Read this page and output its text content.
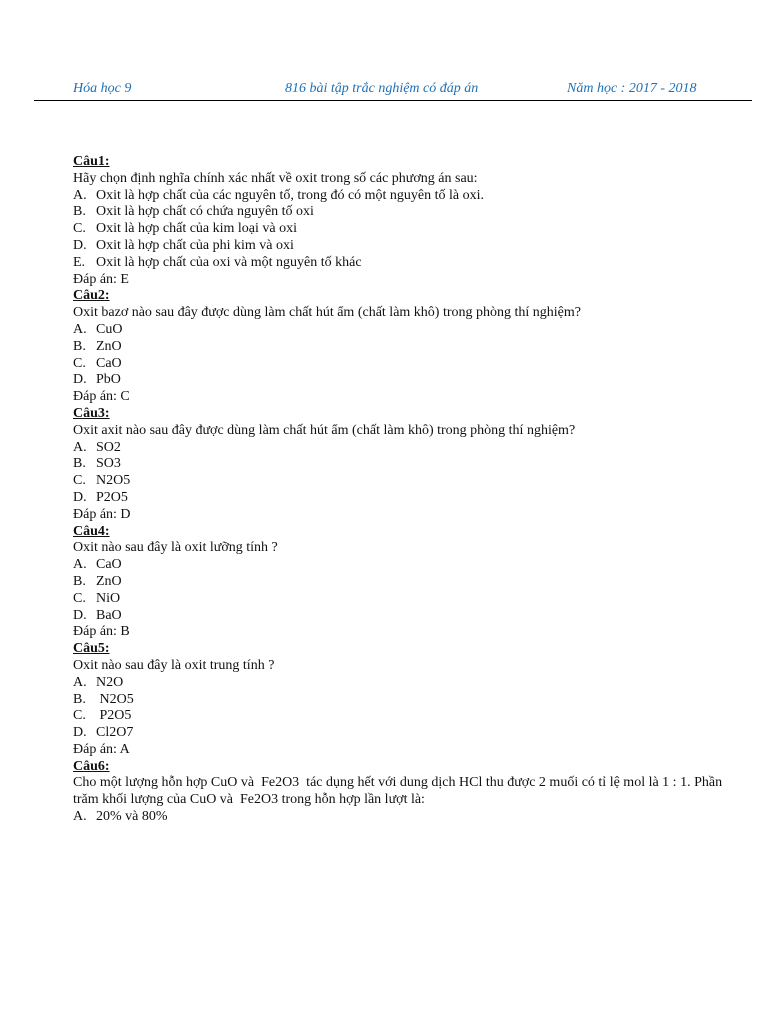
Hóa học 9	816 bài tập trắc nghiệm có đáp án	Năm học : 2017 - 2018
Câu1:
Hãy chọn định nghĩa chính xác nhất về oxit trong số các phương án sau:
A. Oxit là hợp chất của các nguyên tố, trong đó có một nguyên tố là oxi.
B. Oxit là hợp chất có chứa nguyên tố oxi
C. Oxit là hợp chất của kim loại và oxi
D. Oxit là hợp chất của phi kim và oxi
E. Oxit là hợp chất của oxi và một nguyên tố khác
Đáp án: E
Câu2:
Oxit bazơ nào sau đây được dùng làm chất hút ẩm (chất làm khô) trong phòng thí nghiệm?
A. CuO
B. ZnO
C. CaO
D. PbO
Đáp án: C
Câu3:
Oxit axit nào sau đây được dùng làm chất hút ẩm (chất làm khô) trong phòng thí nghiệm?
A. SO2
B. SO3
C. N2O5
D. P2O5
Đáp án: D
Câu4:
Oxit nào sau đây là oxit lưỡng tính ?
A. CaO
B. ZnO
C. NiO
D. BaO
Đáp án: B
Câu5:
Oxit nào sau đây là oxit trung tính ?
A. N2O
B. N2O5
C. P2O5
D. Cl2O7
Đáp án: A
Câu6:
Cho một lượng hỗn hợp CuO và  Fe2O3  tác dụng hết với dung dịch HCl thu được 2 muối có tỉ lệ mol là 1 : 1. Phần trăm khối lượng của CuO và  Fe2O3 trong hỗn hợp lần lượt là:
A. 20% và 80%
